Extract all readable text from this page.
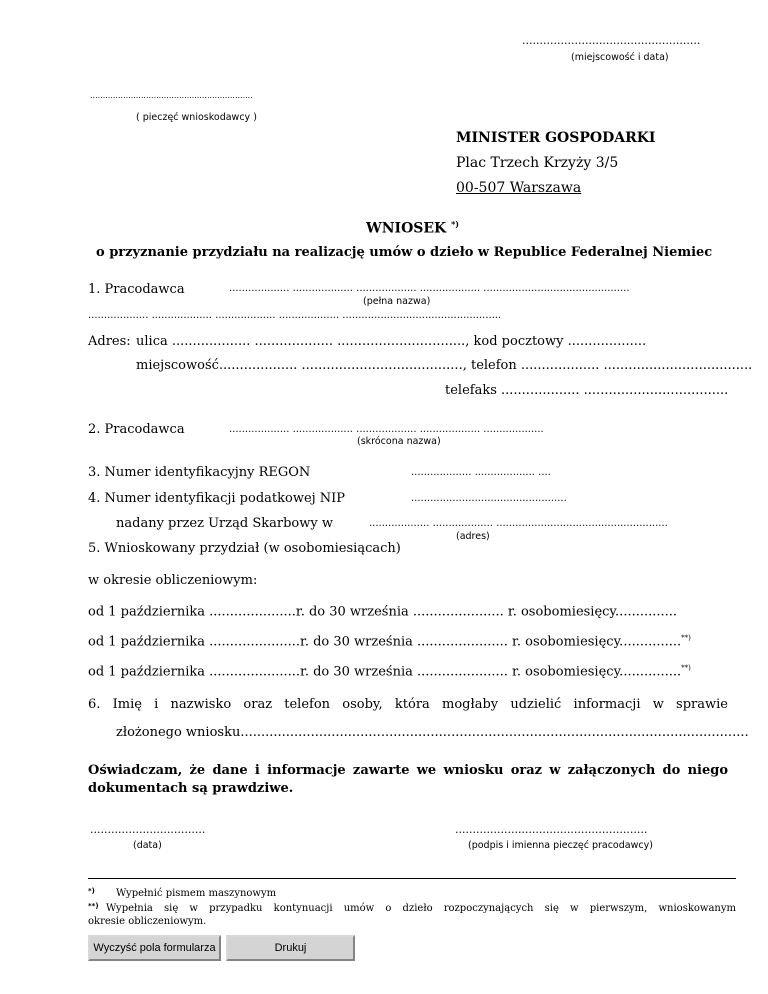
...................................................
(miejscowość i data)
................................................................
( pieczęć wnioskodawcy )
MINISTER GOSPODARKI
Plac Trzech Krzyży 3/5
00-507 Warszawa
WNIOSEK *)
o przyznanie przydziału na realizację umów o dzieło w Republice Federalnej Niemiec
1. Pracodawca	................... ................... ................... ................... ..............................................
(pełna nazwa)
................... ................... ................... ................... ..................................................
Adres: ulica ................... ................... ..............................., kod pocztowy ...................
miejscowość................... ......................................., telefon ................... ....................................
telefaks ................... ...................................
2. Pracodawca	................... ................... ................... ................... ...................
(skrócona nazwa)
3. Numer identyfikacyjny REGON	................... ................... ....
4. Numer identyfikacji podatkowej NIP	.................................................
nadany przez Urząd Skarbowy w	................... ................... ......................................................
(adres)
5. Wnioskowany przydział (w osobomiesiącach)
w okresie obliczeniowym:
od 1 października .....................r. do 30 września ...................... r. osobomiesięcy...............
od 1 października ......................r. do 30 września ...................... r. osobomiesięcy...............**)
od 1 października ......................r. do 30 września ...................... r. osobomiesięcy...............**)
6. Imię i nazwisko oraz telefon osoby, która mogłaby udzielić informacji w sprawie
złożonego wniosku...........................................................................................................................
Oświadczam, że dane i informacje zawarte we wniosku oraz w załączonych do niego
dokumentach są prawdziwe.
.................................
(data)
.......................................................
(podpis i imienna pieczęć pracodawcy)
*) Wypełnić pismem maszynowym
**) Wypełnia się w przypadku kontynuacji umów o dzieło rozpoczynających się w pierwszym, wnioskowanym
okresie obliczeniowym.
Wyczyść pola formularza	Drukuj
